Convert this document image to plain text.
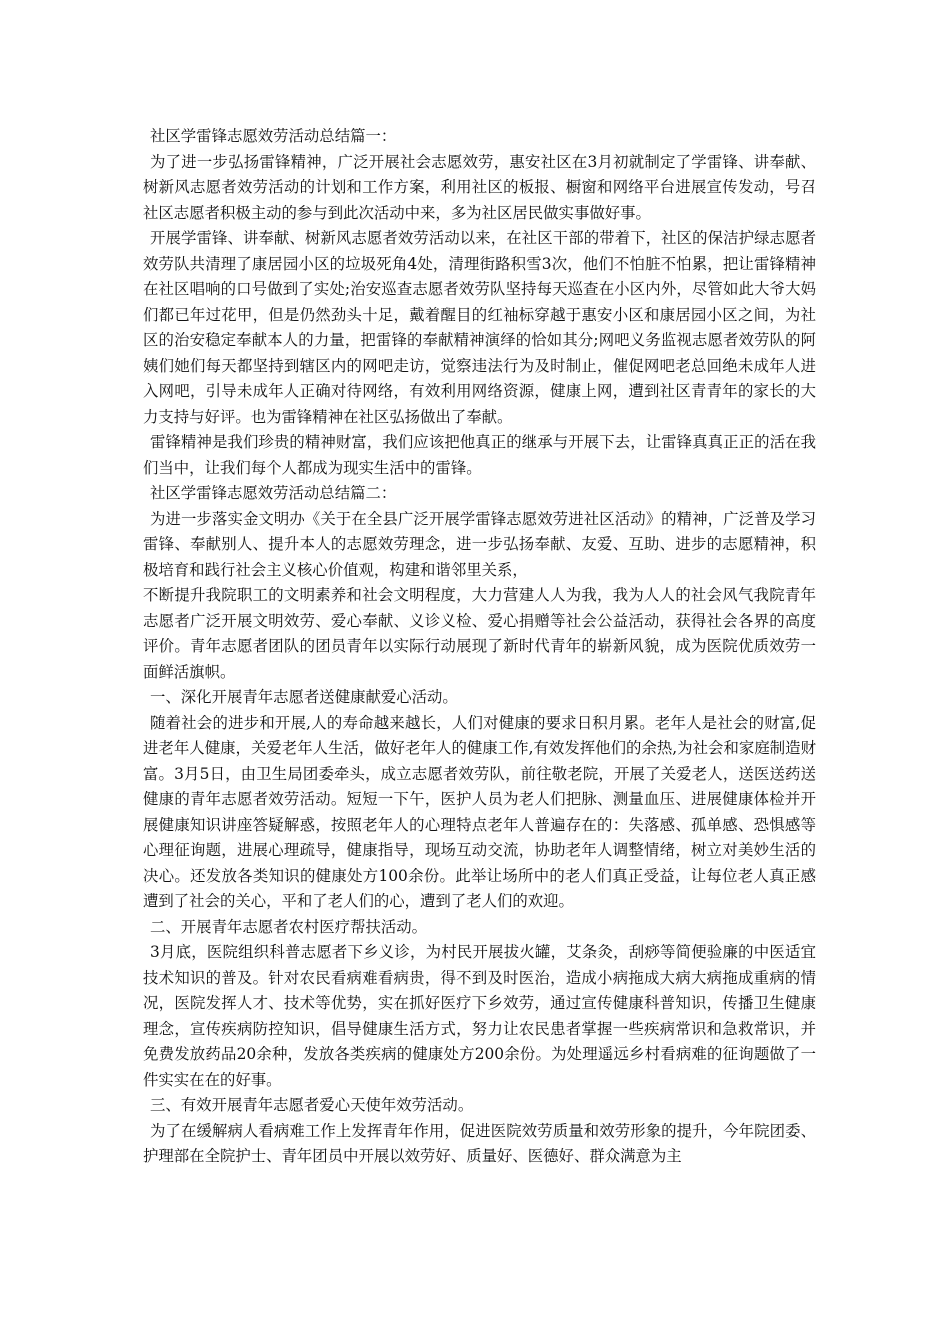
社区学雷锋志愿效劳活动总结篇一：

为了进一步弘扬雷锋精神，广泛开展社会志愿效劳，惠安社区在3月初就制定了学雷锋、讲奉献、树新风志愿者效劳活动的计划和工作方案，利用社区的板报、橱窗和网络平台进展宣传发动，号召社区志愿者积极主动的参与到此次活动中来，多为社区居民做实事做好事。

开展学雷锋、讲奉献、树新风志愿者效劳活动以来，在社区干部的带着下，社区的保洁护绿志愿者效劳队共清理了康居园小区的垃圾死角4处，清理街路积雪3次，他们不怕脏不怕累，把让雷锋精神在社区唱响的口号做到了实处;治安巡查志愿者效劳队坚持每天巡查在小区内外，尽管如此大爷大妈们都已年过花甲，但是仍然劲头十足，戴着醒目的红袖标穿越于惠安小区和康居园小区之间，为社区的治安稳定奉献本人的力量，把雷锋的奉献精神演绎的恰如其分;网吧义务监视志愿者效劳队的阿姨们她们每天都坚持到辖区内的网吧走访，觉察违法行为及时制止，催促网吧老总回绝未成年人进入网吧，引导未成年人正确对待网络，有效利用网络资源，健康上网，遭到社区青青年的家长的大力支持与好评。也为雷锋精神在社区弘扬做出了奉献。

雷锋精神是我们珍贵的精神财富，我们应该把他真正的继承与开展下去，让雷锋真真正正的活在我们当中，让我们每个人都成为现实生活中的雷锋。

社区学雷锋志愿效劳活动总结篇二：

为进一步落实金文明办《关于在全县广泛开展学雷锋志愿效劳进社区活动》的精神，广泛普及学习雷锋、奉献别人、提升本人的志愿效劳理念，进一步弘扬奉献、友爱、互助、进步的志愿精神，积极培育和践行社会主义核心价值观，构建和谐邻里关系，

不断提升我院职工的文明素养和社会文明程度，大力营建人人为我，我为人人的社会风气我院青年志愿者广泛开展文明效劳、爱心奉献、义诊义检、爱心捐赠等社会公益活动，获得社会各界的高度评价。青年志愿者团队的团员青年以实际行动展现了新时代青年的崭新风貌，成为医院优质效劳一面鲜活旗帜。

一、深化开展青年志愿者送健康献爱心活动。

随着社会的进步和开展,人的寿命越来越长，人们对健康的要求日积月累。老年人是社会的财富,促进老年人健康，关爱老年人生活，做好老年人的健康工作,有效发挥他们的余热,为社会和家庭制造财富。3月5日，由卫生局团委牵头，成立志愿者效劳队，前往敬老院，开展了关爱老人，送医送药送健康的青年志愿者效劳活动。短短一下午，医护人员为老人们把脉、测量血压、进展健康体检并开展健康知识讲座答疑解惑，按照老年人的心理特点老年人普遍存在的：失落感、孤单感、恐惧感等心理征询题，进展心理疏导，健康指导，现场互动交流，协助老年人调整情绪，树立对美妙生活的决心。还发放各类知识的健康处方100余份。此举让场所中的老人们真正受益，让每位老人真正感遭到了社会的关心，平和了老人们的心，遭到了老人们的欢迎。

二、开展青年志愿者农村医疗帮扶活动。

3月底，医院组织科普志愿者下乡义诊，为村民开展拔火罐，艾条灸，刮痧等简便验廉的中医适宜技术知识的普及。针对农民看病难看病贵，得不到及时医治，造成小病拖成大病大病拖成重病的情况，医院发挥人才、技术等优势，实在抓好医疗下乡效劳，通过宣传健康科普知识，传播卫生健康理念，宣传疾病防控知识，倡导健康生活方式，努力让农民患者掌握一些疾病常识和急救常识，并免费发放药品20余种，发放各类疾病的健康处方200余份。为处理遥远乡村看病难的征询题做了一件实实在在的好事。

三、有效开展青年志愿者爱心天使年效劳活动。

为了在缓解病人看病难工作上发挥青年作用，促进医院效劳质量和效劳形象的提升，今年院团委、护理部在全院护士、青年团员中开展以效劳好、质量好、医德好、群众满意为主
